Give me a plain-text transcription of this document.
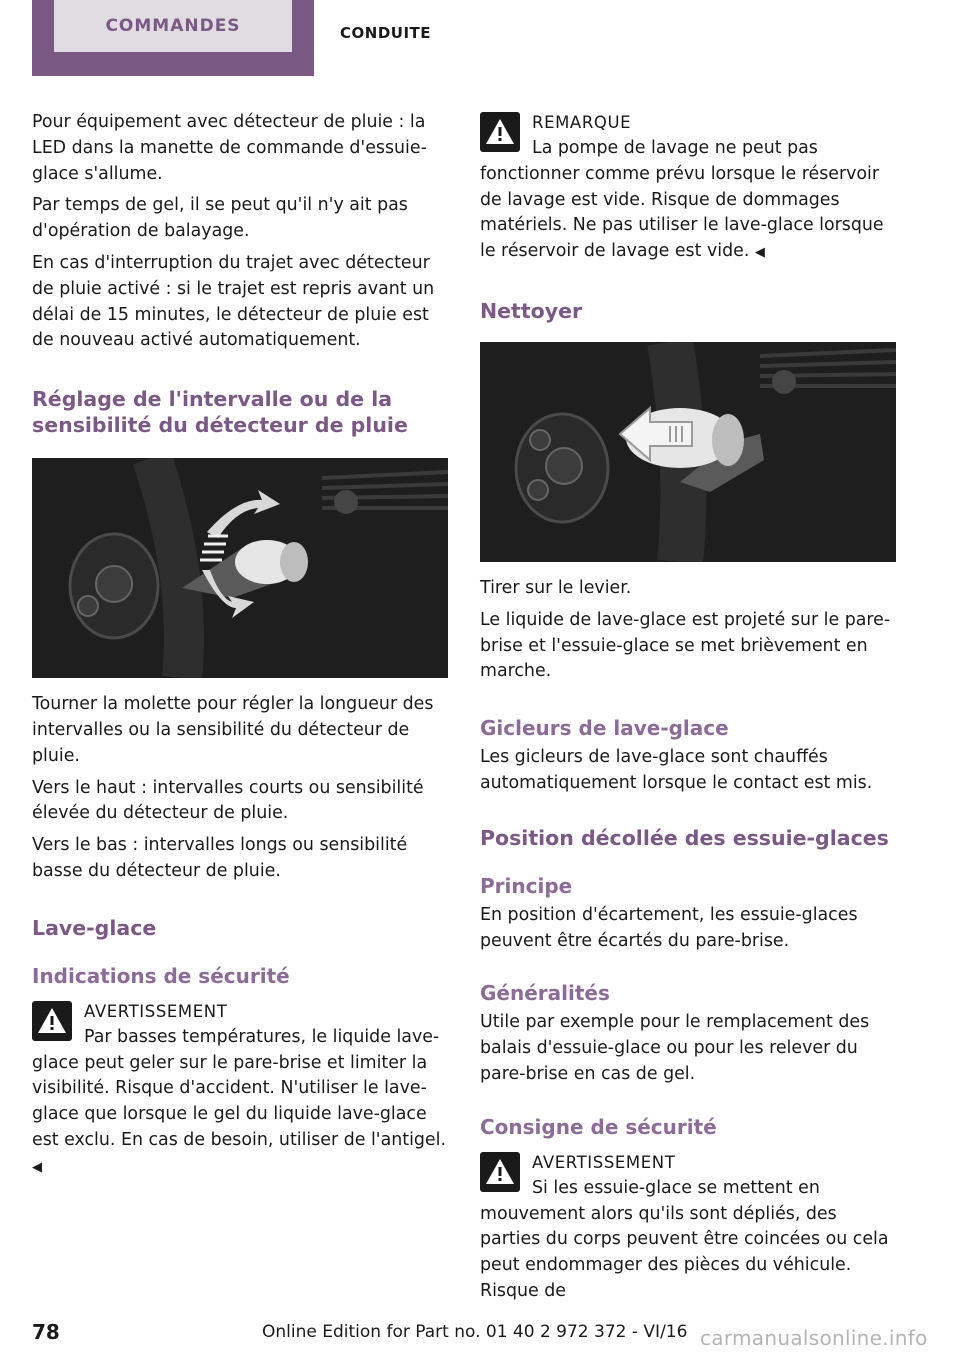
COMMANDES	CONDUITE

Pour équipement avec détecteur de pluie : la LED dans la manette de commande d'essuie-glace s'allume.

Par temps de gel, il se peut qu'il n'y ait pas d'opération de balayage.

En cas d'interruption du trajet avec détecteur de pluie activé : si le trajet est repris avant un délai de 15 minutes, le détecteur de pluie est de nouveau activé automatiquement.

Réglage de l'intervalle ou de la sensibilité du détecteur de pluie

Tourner la molette pour régler la longueur des intervalles ou la sensibilité du détecteur de pluie.

Vers le haut : intervalles courts ou sensibilité élevée du détecteur de pluie.

Vers le bas : intervalles longs ou sensibilité basse du détecteur de pluie.

Lave-glace
Indications de sécurité
AVERTISSEMENT

Par basses températures, le liquide lave-glace peut geler sur le pare-brise et limiter la visibilité. Risque d'accident. N'utiliser le lave-glace que lorsque le gel du liquide lave-glace est exclu. En cas de besoin, utiliser de l'antigel. ◀

REMARQUE

La pompe de lavage ne peut pas fonctionner comme prévu lorsque le réservoir de lavage est vide. Risque de dommages matériels. Ne pas utiliser le lave-glace lorsque le réservoir de lavage est vide. ◀

Nettoyer

Tirer sur le levier.

Le liquide de lave-glace est projeté sur le pare-brise et l'essuie-glace se met brièvement en marche.

Gicleurs de lave-glace

Les gicleurs de lave-glace sont chauffés automatiquement lorsque le contact est mis.

Position décollée des essuie-glaces
Principe

En position d'écartement, les essuie-glaces peuvent être écartés du pare-brise.

Généralités

Utile par exemple pour le remplacement des balais d'essuie-glace ou pour les relever du pare-brise en cas de gel.

Consigne de sécurité
AVERTISSEMENT

Si les essuie-glace se mettent en mouvement alors qu'ils sont dépliés, des parties du corps peuvent être coincées ou cela peut endommager des pièces du véhicule. Risque de

78	Online Edition for Part no. 01 40 2 972 372 - VI/16 carmanualsonline.info
